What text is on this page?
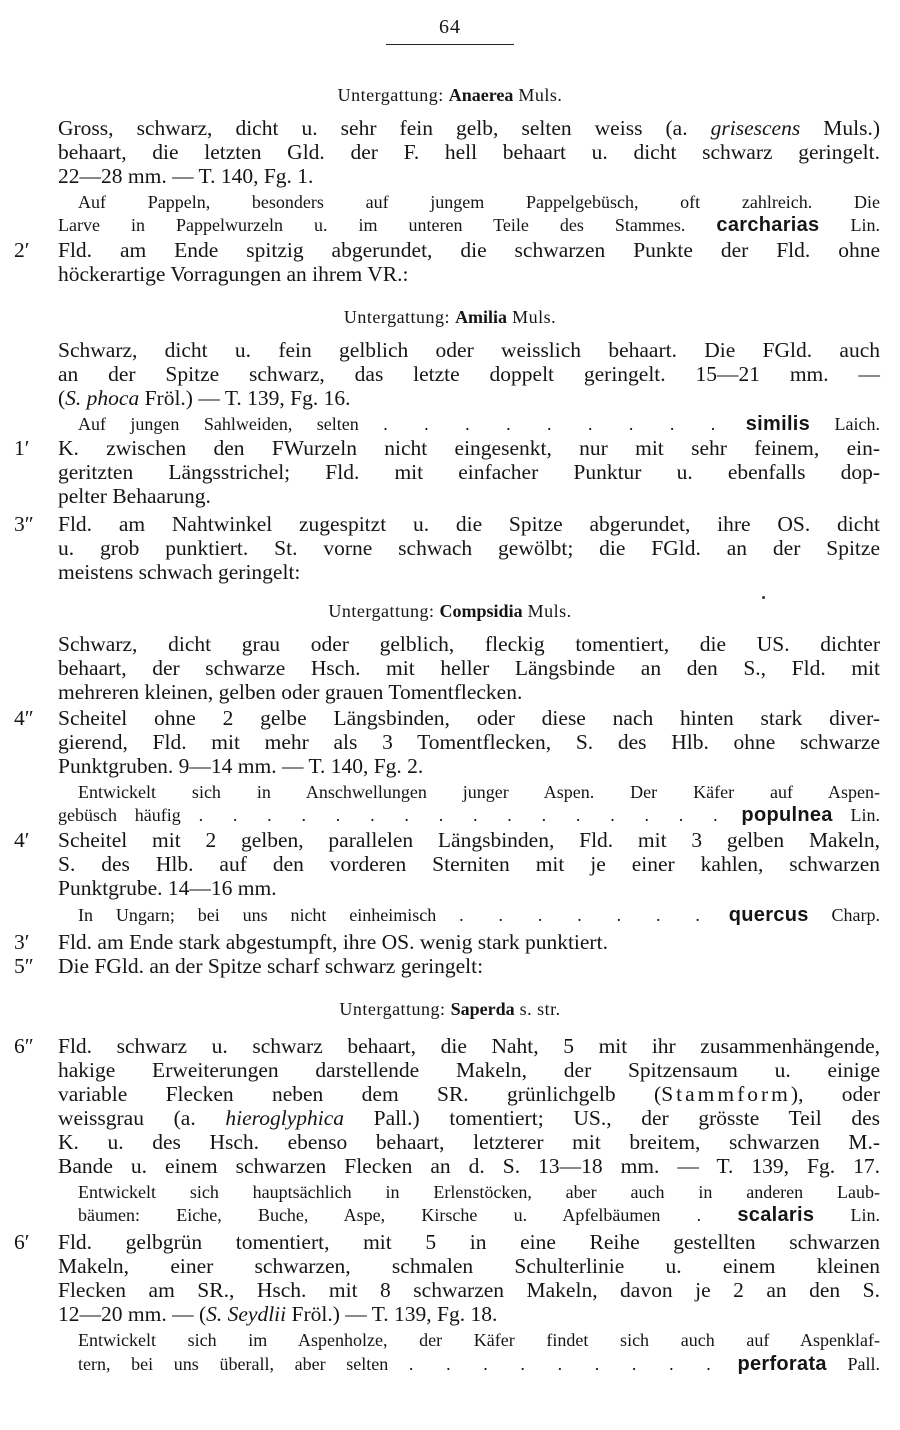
64
Untergattung: Anaerea Muls.
Gross, schwarz, dicht u. sehr fein gelb, selten weiss (a. grisescens Muls.)
behaart, die letzten Gld. der F. hell behaart u. dicht schwarz geringelt.
22—28 mm. — T. 140, Fg. 1.
Auf Pappeln, besonders auf jungem Pappelgebüsch, oft zahlreich. Die
Larve in Pappelwurzeln u. im unteren Teile des Stammes. carcharias Lin.
2′ Fld. am Ende spitzig abgerundet, die schwarzen Punkte der Fld. ohne
höckerartige Vorragungen an ihrem VR.:
Untergattung: Amilia Muls.
Schwarz, dicht u. fein gelblich oder weisslich behaart. Die FGld. auch
an der Spitze schwarz, das letzte doppelt geringelt. 15—21 mm. —
(S. phoca Fröl.) — T. 139, Fg. 16.
Auf jungen Sahlweiden, selten . . . . . . . . . similis Laich.
1′ K. zwischen den FWurzeln nicht eingesenkt, nur mit sehr feinem, ein-
geritzten Längsstrichel; Fld. mit einfacher Punktur u. ebenfalls dop-
pelter Behaarung.
3″ Fld. am Nahtwinkel zugespitzt u. die Spitze abgerundet, ihre OS. dicht
u. grob punktiert. St. vorne schwach gewölbt; die FGld. an der Spitze
meistens schwach geringelt:
Untergattung: Compsidia Muls.
Schwarz, dicht grau oder gelblich, fleckig tomentiert, die US. dichter
behaart, der schwarze Hsch. mit heller Längsbinde an den S., Fld. mit
mehreren kleinen, gelben oder grauen Tomentflecken.
4″ Scheitel ohne 2 gelbe Längsbinden, oder diese nach hinten stark diver-
gierend, Fld. mit mehr als 3 Tomentflecken, S. des Hlb. ohne schwarze
Punktgruben. 9—14 mm. — T. 140, Fg. 2.
Entwickelt sich in Anschwellungen junger Aspen. Der Käfer auf Aspen-
gebüsch häufig . . . . . . . . . . . . . . . . populnea Lin.
4′ Scheitel mit 2 gelben, parallelen Längsbinden, Fld. mit 3 gelben Makeln,
S. des Hlb. auf den vorderen Sterniten mit je einer kahlen, schwarzen
Punktgrube. 14—16 mm.
In Ungarn; bei uns nicht einheimisch . . . . . . . quercus Charp.
3′ Fld. am Ende stark abgestumpft, ihre OS. wenig stark punktiert.
5″ Die FGld. an der Spitze scharf schwarz geringelt:
Untergattung: Saperda s. str.
6″ Fld. schwarz u. schwarz behaart, die Naht, 5 mit ihr zusammenhängende,
hakige Erweiterungen darstellende Makeln, der Spitzensaum u. einige
variable Flecken neben dem SR. grünlichgelb (Stammform), oder
weissgrau (a. hieroglyphica Pall.) tomentiert; US., der grösste Teil des
K. u. des Hsch. ebenso behaart, letzterer mit breitem, schwarzen M.-
Bande u. einem schwarzen Flecken an d. S. 13—18 mm. — T. 139, Fg. 17.
Entwickelt sich hauptsächlich in Erlenstöcken, aber auch in anderen Laub-
bäumen: Eiche, Buche, Aspe, Kirsche u. Apfelbäumen . scalaris Lin.
6′ Fld. gelbgrün tomentiert, mit 5 in eine Reihe gestellten schwarzen
Makeln, einer schwarzen, schmalen Schulterlinie u. einem kleinen
Flecken am SR., Hsch. mit 8 schwarzen Makeln, davon je 2 an den S.
12—20 mm. — (S. Seydlii Fröl.) — T. 139, Fg. 18.
Entwickelt sich im Aspenholze, der Käfer findet sich auch auf Aspenklaf-
tern, bei uns überall, aber selten . . . . . . . . . perforata Pall.
